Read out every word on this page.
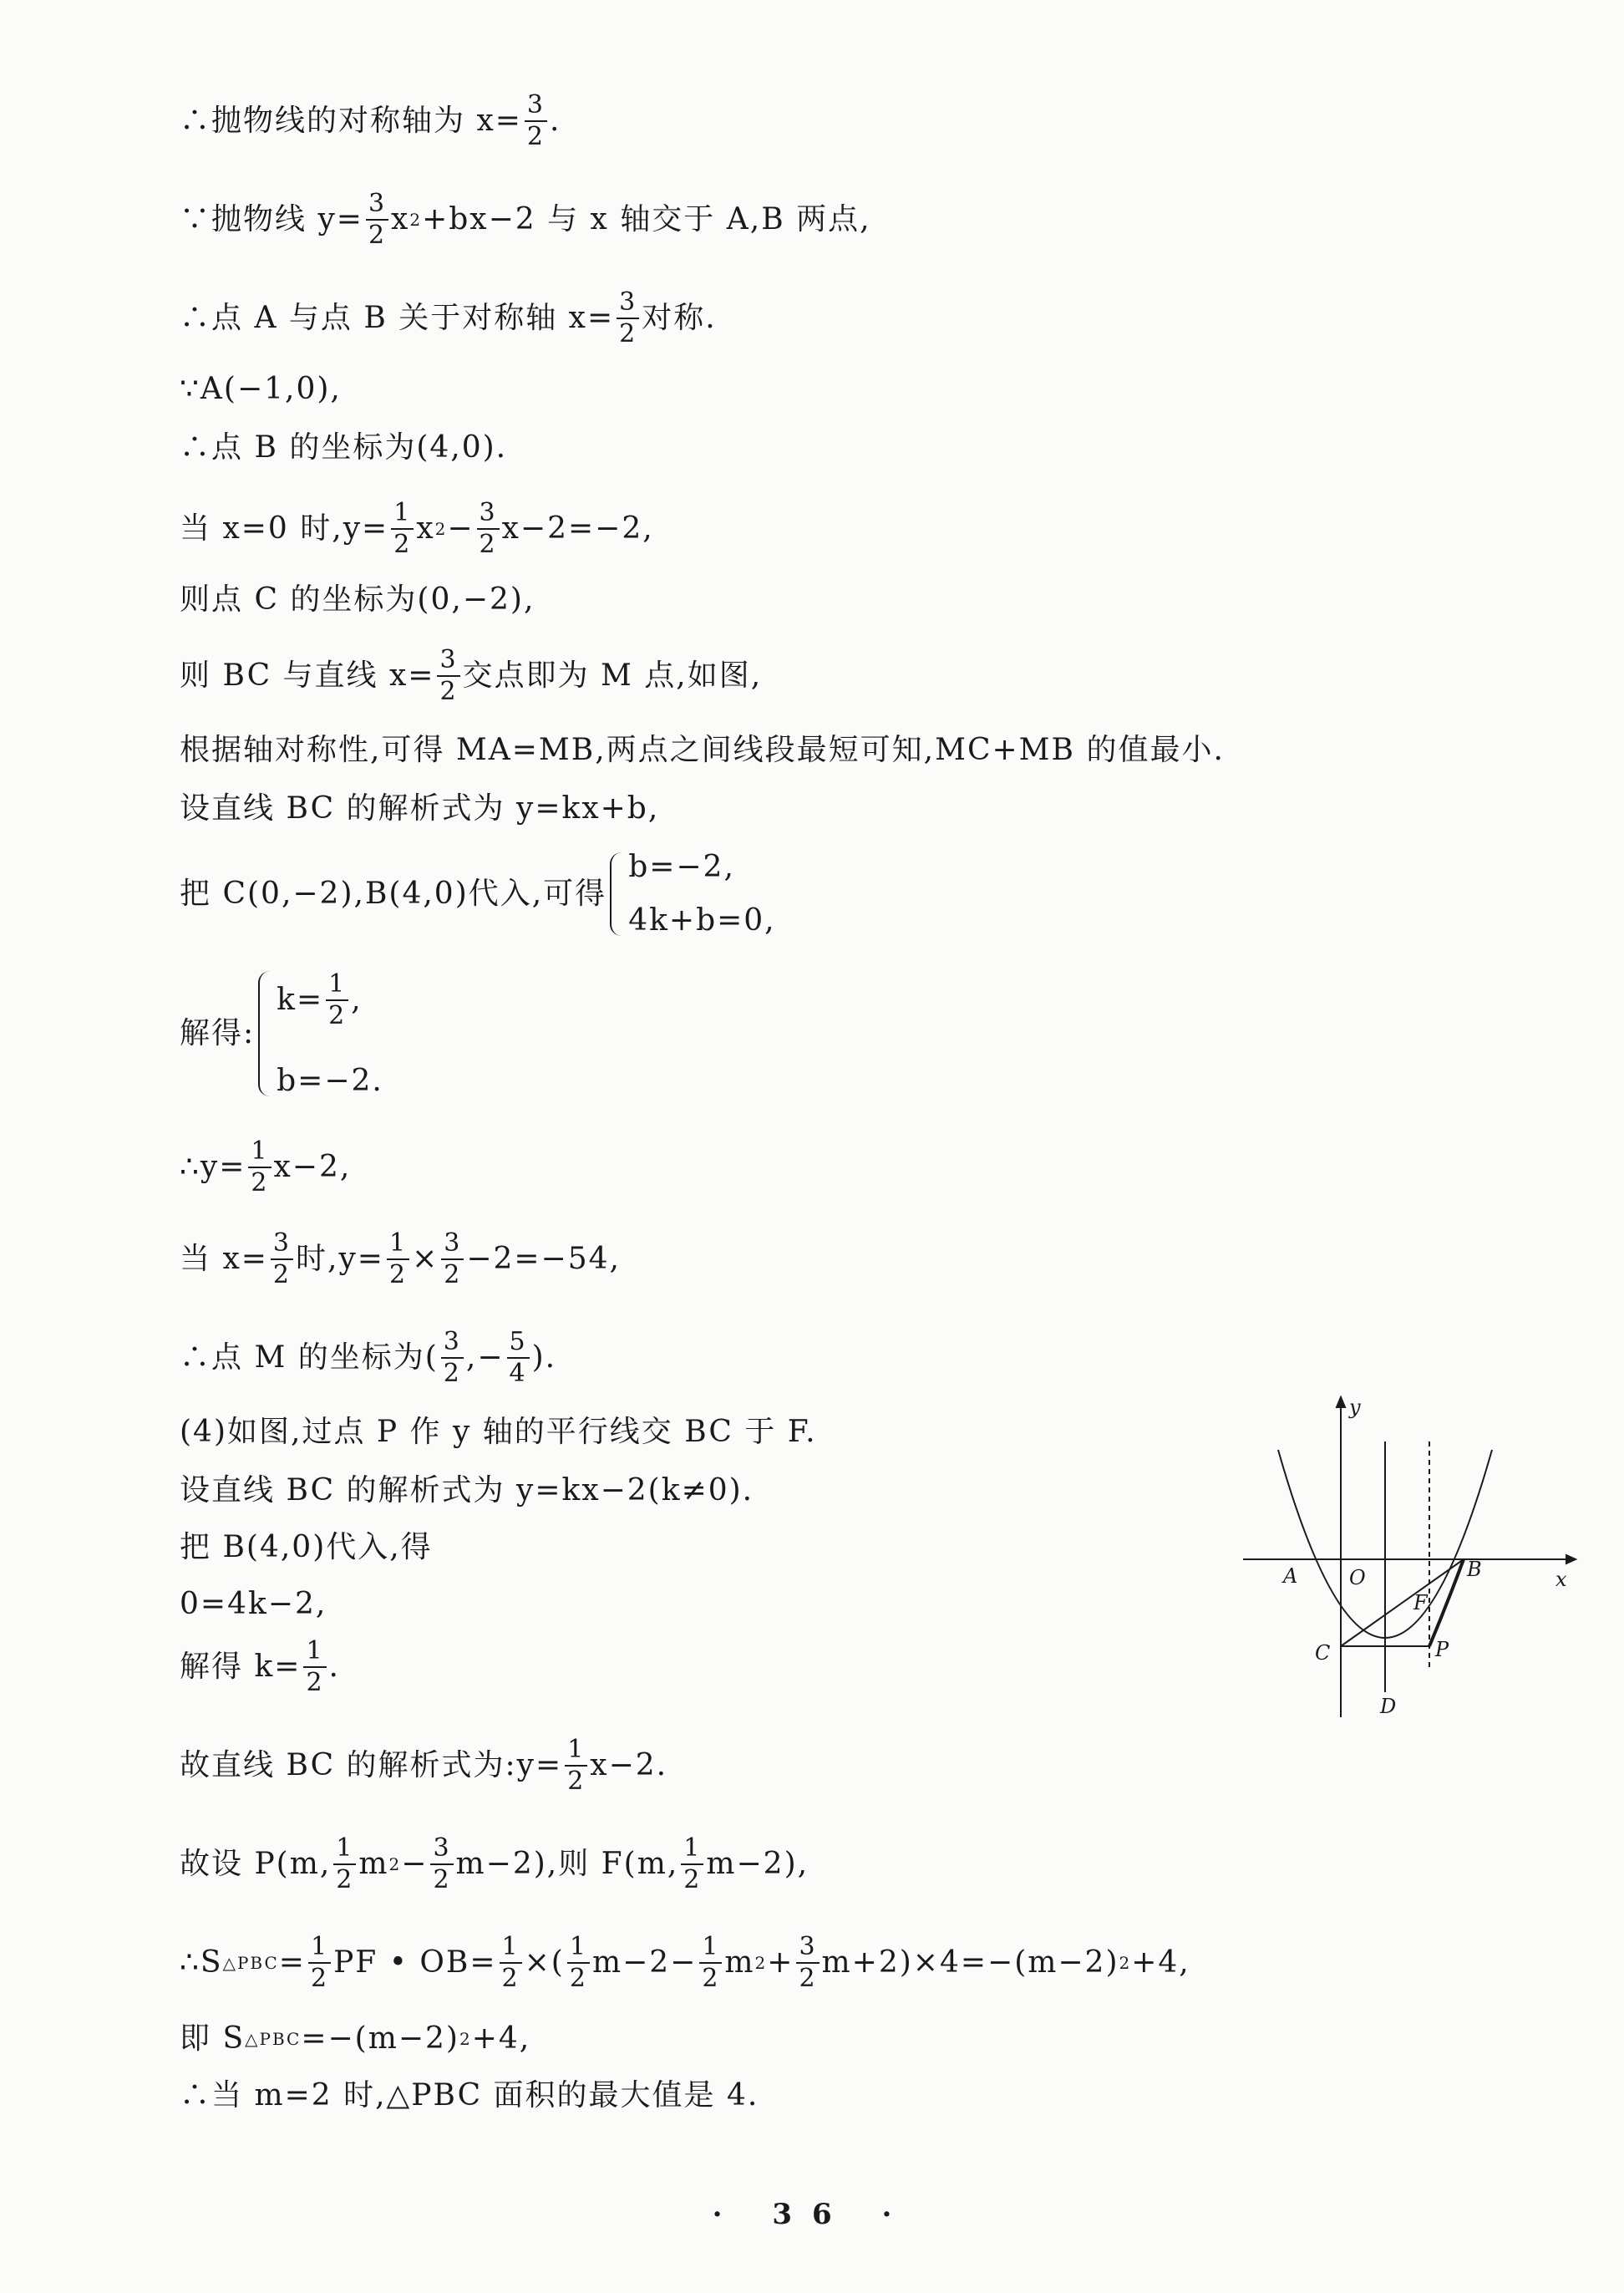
∴抛物线的对称轴为 $x= \frac{3}{2}$ .
∵抛物线 $y= \frac{3}{2}$ x 2 +bx−2 与 x 轴交于 A,B 两点,
∴点 A 与点 B 关于对称轴 $x= \frac{3}{2}$ 对称.
∵A(−1,0),
∴点 B 的坐标为(4,0).
当 x=0 时$,y= \frac{1}{2}$ x $2 - \frac{3}{2} x-2=-2$,
则点 C 的坐标为(0,−2),
则 BC 与直线 $x= \frac{3}{2}$ 交点即为 M 点,如图,
根据轴对称性,可得 MA=MB,两点之间线段最短可知,MC+MB 的值最小.
设直线 BC 的解析式为 y=kx+b,
把 C(0,−2),B(4,0)代入,可得
b=−2,
4k+b=0,
解得:
$k= \frac{1}{2}$ ,
b=−2.
∴y= $\frac{1}{2} x-2$,
当 $x= \frac{3}{2}$ 时$,y= \frac{1}{2} \times \frac{3}{2} -2=-54$,
∴点 M 的坐标为( $\frac{3}{2}$ ,− $\frac{5}{4}$ ).
(4)如图,过点 P 作 y 轴的平行线交 BC 于 F.
设直线 BC 的解析式为 y=kx−2(k≠0).
把 B(4,0)代入,得
0=4k−2,
解得 $k= \frac{1}{2}$ .
故直线 BC 的解析式为:y= $\frac{1}{2} x-2$.
故设 P(m, $\frac{1}{2}$ m $2 - \frac{3}{2} m-2$),则 F(m, $\frac{1}{2} m-2$),
∴S △PBC = $\frac{1}{2}$ PF • $OB= \frac{1}{2}$ ×( $\frac{1}{2} m-2- \frac{1}{2}$ m $2 + \frac{3}{2} m+2)\times 4=-(m-2)$ 2 +4,
即 S △PBC =−(m−2) 2 +4,
∴当 m=2 时,△PBC 面积的最大值是 4.
y
x
A	O	B
F
C	P
D
· 36 ·
